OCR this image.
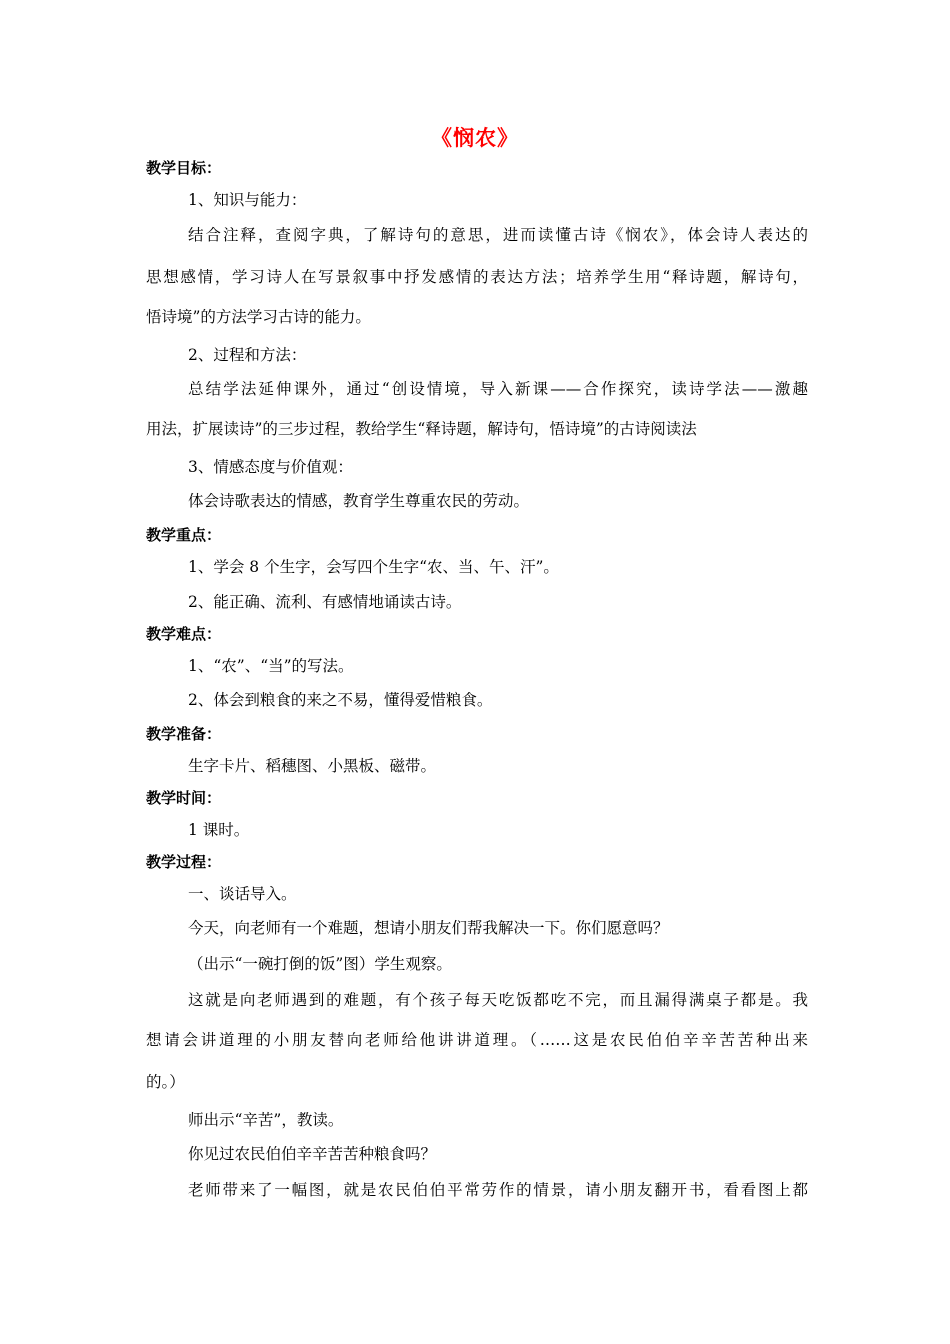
《悯农》
教学目标：
1、知识与能力：
结合注释，查阅字典，了解诗句的意思，进而读懂古诗《悯农》，体会诗人表达的
思想感情，学习诗人在写景叙事中抒发感情的表达方法；培养学生用“释诗题，解诗句，
悟诗境”的方法学习古诗的能力。
2、过程和方法：
总结学法延伸课外，通过“创设情境，导入新课——合作探究，读诗学法——激趣
用法，扩展读诗”的三步过程，教给学生“释诗题，解诗句，悟诗境”的古诗阅读法
3、情感态度与价值观：
体会诗歌表达的情感，教育学生尊重农民的劳动。
教学重点：
1、学会 8 个生字，会写四个生字“农、当、午、汗”。
2、能正确、流利、有感情地诵读古诗。
教学难点：
1、“农”、“当”的写法。
2、体会到粮食的来之不易，懂得爱惜粮食。
教学准备：
生字卡片、稻穗图、小黑板、磁带。
教学时间：
1 课时。
教学过程：
一、谈话导入。
今天，向老师有一个难题，想请小朋友们帮我解决一下。你们愿意吗？
（出示“一碗打倒的饭”图）学生观察。
这就是向老师遇到的难题，有个孩子每天吃饭都吃不完，而且漏得满桌子都是。我
想请会讲道理的小朋友替向老师给他讲讲道理。（……这是农民伯伯辛辛苦苦种出来
的。）
师出示“辛苦”，教读。
你见过农民伯伯辛辛苦苦种粮食吗？
老师带来了一幅图，就是农民伯伯平常劳作的情景，请小朋友翻开书，看看图上都
